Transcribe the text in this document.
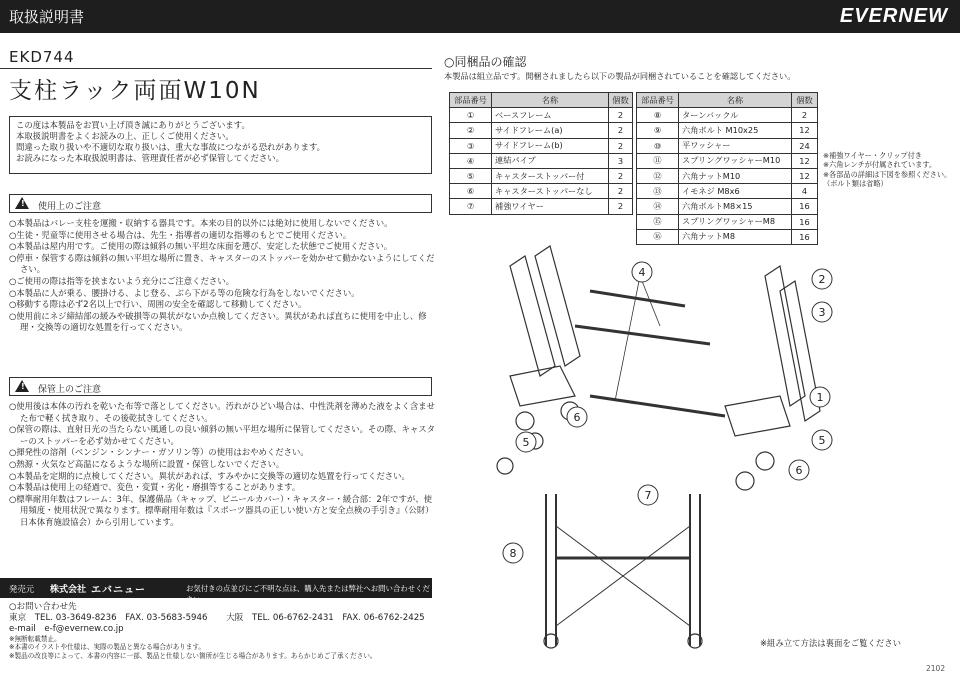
取扱説明書	EVERNEW
EKD744
支柱ラック両面W10N
この度は本製品をお買い上げ頂き誠にありがとうございます。
本取扱説明書をよくお読みの上、正しくご使用ください。
間違った取り扱いや不適切な取り扱いは、重大な事故につながる恐れがあります。
お読みになった本取扱説明書は、管理責任者が必ず保管してください。
! 使用上のご注意
○本製品はバレー支柱を運搬・収納する器具です。本来の目的以外には絶対に使用しないでください。
○生徒・児童等に使用させる場合は、先生・指導者の適切な指導のもとでご使用ください。
○本製品は屋内用です。ご使用の際は傾斜の無い平坦な床面を選び、安定した状態でご使用ください。
○停車・保管する際は傾斜の無い平坦な場所に置き、キャスターのストッパーを効かせて動かないようにしてください。
○ご使用の際は指等を挟まないよう充分にご注意ください。
○本製品に人が乗る、腰掛ける、よじ登る、ぶら下がる等の危険な行為をしないでください。
○移動する際は必ず2名以上で行い、周囲の安全を確認して移動してください。
○使用前にネジ締結部の緩みや破損等の異状がないか点検してください。異状があれば直ちに使用を中止し、修理・交換等の適切な処置を行ってください。
! 保管上のご注意
○使用後は本体の汚れを乾いた布等で落としてください。汚れがひどい場合は、中性洗剤を薄めた液をよく含ませた布で軽く拭き取り、その後乾拭きしてください。
○保管の際は、直射日光の当たらない風通しの良い傾斜の無い平坦な場所に保管してください。その際、キャスターのストッパーを必ず効かせてください。
○揮発性の溶剤（ベンジン・シンナー・ガソリン等）の使用はおやめください。
○熱源・火気など高温になるような場所に設置・保管しないでください。
○本製品を定期的に点検してください。異状があれば、すみやかに交換等の適切な処置を行ってください。
○本製品は使用上の経過で、変色・変質・劣化・磨損等することがあります。
○標準耐用年数はフレーム：3年、保護備品（キャップ、ビニールカバー）・キャスター・緩合部：2年ですが、使用頻度・使用状況で異なります。標準耐用年数は『スポーツ器具の正しい使い方と安全点検の手引き』（公財）日本体育施設協会）から引用しています。
発売元 株式会社 エバニュー	お気付きの点並びにご不明な点は、購入先または弊社へお問い合わせください。
○お問い合わせ先
東京　TEL. 03-3649-8236　FAX. 03-5683-5946 大阪　TEL. 06-6762-2431　FAX. 06-6762-2425
e-mail　e-f@evernew.co.jp
※無断転載禁止。
※本書のイラストや仕様は、実際の製品と異なる場合があります。
※製品の改良等によって、本書の内容に一部、製品と仕様しない箇所が生じる場合があります。あらかじめご了承ください。
○同梱品の確認
本製品は組立品です。開梱されましたら以下の製品が同梱されていることを確認してください。
部品番号	名称	個数
①	ベースフレーム	2
②	サイドフレーム(a)	2
③	サイドフレーム(b)	2
④	連結パイプ	3
⑤	キャスターストッパー付	2
⑥	キャスターストッパーなし	2
⑦	補強ワイヤー	2
部品番号	名称	個数
⑧	ターンバックル	2
⑨	六角ボルト M10x25	12
⑩	平ワッシャー	24
⑪	スプリングワッシャーM10	12
⑫	六角ナットM10	12
⑬	イモネジ M8x6	4
⑭	六角ボルトM8×15	16
⑮	スプリングワッシャーM8	16
⑯	六角ナットM8	16
※補強ワイヤー・クリップ付き
※六角レンチが付属されています。
※各部品の詳細は下図を参照ください。（ボルト類は省略）
4
2
3
1
5
6
6
5
7
8
※組み立て方法は裏面をご覧ください
2102
